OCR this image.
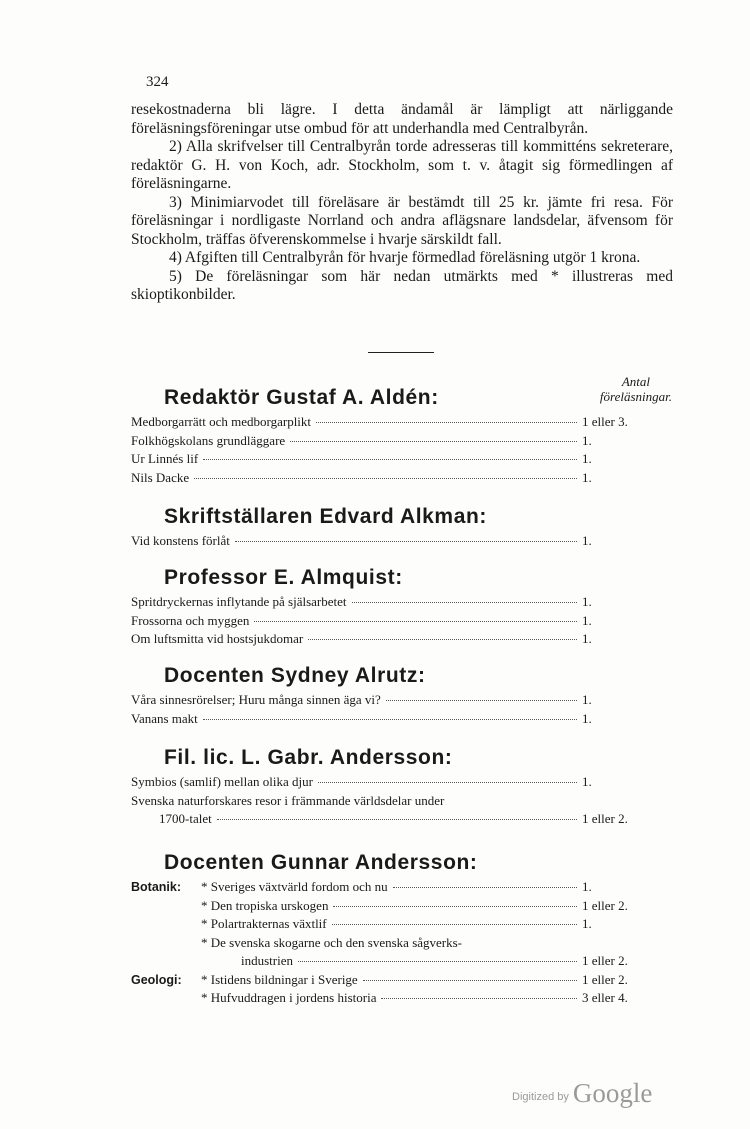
324

resekostnaderna bli lägre. I detta ändamål är lämpligt att närliggande föreläsningsföreningar utse ombud för att underhandla med Centralbyrån.

2) Alla skrifvelser till Centralbyrån torde adresseras till kommitténs sekreterare, redaktör G. H. von Koch, adr. Stockholm, som t. v. åtagit sig förmedlingen af föreläsningarne.

3) Minimiarvodet till föreläsare är bestämdt till 25 kr. jämte fri resa. För föreläsningar i nordligaste Norrland och andra aflägsnare landsdelar, äfvensom för Stockholm, träffas öfverenskommelse i hvarje särskildt fall.

4) Afgiften till Centralbyrån för hvarje förmedlad föreläsning utgör 1 krona.

5) De föreläsningar som här nedan utmärkts med * illustreras med skioptikonbilder.

Antal
föreläsningar.
Redaktör Gustaf A. Aldén:
Medborgarrätt och medborgarplikt	1 eller 3.
Folkhögskolans grundläggare	1.
Ur Linnés lif	1.
Nils Dacke	1.
Skriftställaren Edvard Alkman:
Vid konstens förlåt	1.
Professor E. Almquist:
Spritdryckernas inflytande på själsarbetet	1.
Frossorna och myggen	1.
Om luftsmitta vid hostsjukdomar	1.
Docenten Sydney Alrutz:
Våra sinnesrörelser; Huru många sinnen äga vi?	1.
Vanans makt	1.
Fil. lic. L. Gabr. Andersson:
Symbios (samlif) mellan olika djur	1.
Svenska naturforskares resor i främmande världsdelar under
1700-talet	1 eller 2.
Docenten Gunnar Andersson:
Botanik:	* Sveriges växtvärld fordom och nu	1.
* Den tropiska urskogen	1 eller 2.
* Polartrakternas växtlif	1.
* De svenska skogarne och den svenska sågverks-
industrien	1 eller 2.
Geologi:	* Istidens bildningar i Sverige	1 eller 2.
* Hufvuddragen i jordens historia	3 eller 4.
Digitized by Google
